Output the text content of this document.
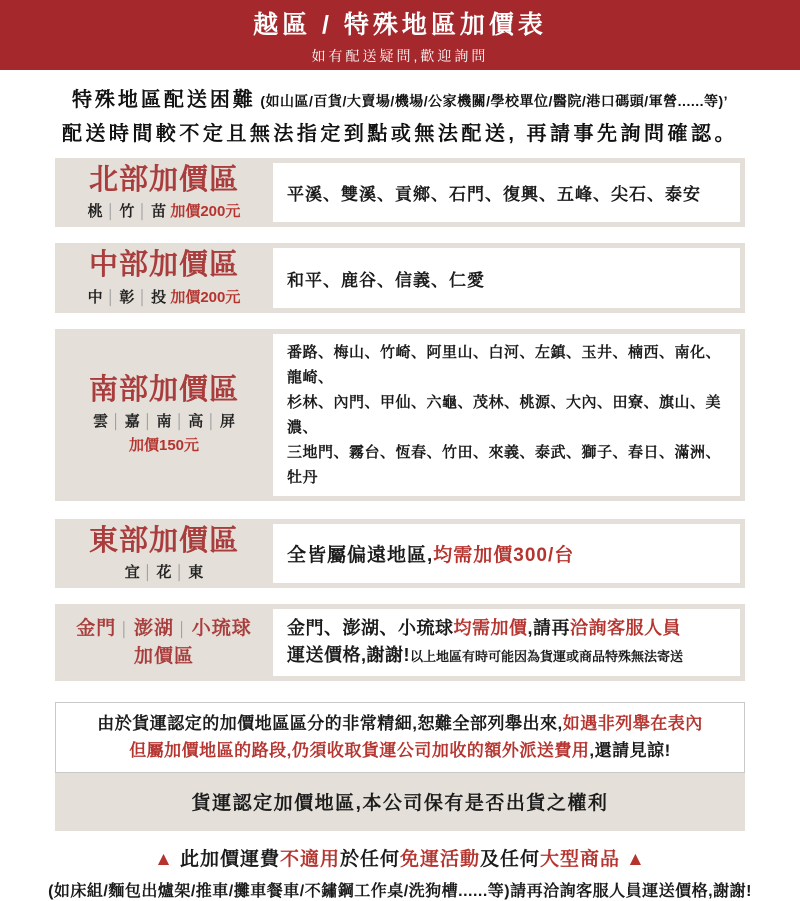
越區 / 特殊地區加價表
如有配送疑問,歡迎詢問
特殊地區配送困難 (如山區/百貨/大賣場/機場/公家機關/學校單位/醫院/港口碼頭/軍營......等)’
配送時間較不定且無法指定到點或無法配送, 再請事先詢問確認。
北部加價區
桃 │ 竹 │ 苗 加價200元
平溪、雙溪、貢鄉、石門、復興、五峰、尖石、泰安
中部加價區
中 │ 彰 │ 投 加價200元
和平、鹿谷、信義、仁愛
南部加價區
雲 │ 嘉 │ 南 │ 高 │ 屏
加價150元
番路、梅山、竹崎、阿里山、白河、左鎮、玉井、楠西、南化、龍崎、
杉林、內門、甲仙、六龜、茂林、桃源、大內、田寮、旗山、美濃、
三地門、霧台、恆春、竹田、來義、泰武、獅子、春日、滿洲、牡丹
東部加價區
宜 │ 花 │ 東
全皆屬偏遠地區,均需加價300/台
金門 │ 澎湖 │ 小琉球
加價區
金門、澎湖、小琉球均需加價,請再洽詢客服人員
運送價格,謝謝!以上地區有時可能因為貨運或商品特殊無法寄送
由於貨運認定的加價地區區分的非常精細,恕難全部列舉出來,如遇非列舉在表內
但屬加價地區的路段,仍須收取貨運公司加收的額外派送費用,還請見諒!
貨運認定加價地區,本公司保有是否出貨之權利
▲ 此加價運費不適用於任何免運活動及任何大型商品 ▲
(如床組/麵包出爐架/推車/攤車餐車/不鏽鋼工作桌/洗狗槽......等)請再洽詢客服人員運送價格,謝謝!
